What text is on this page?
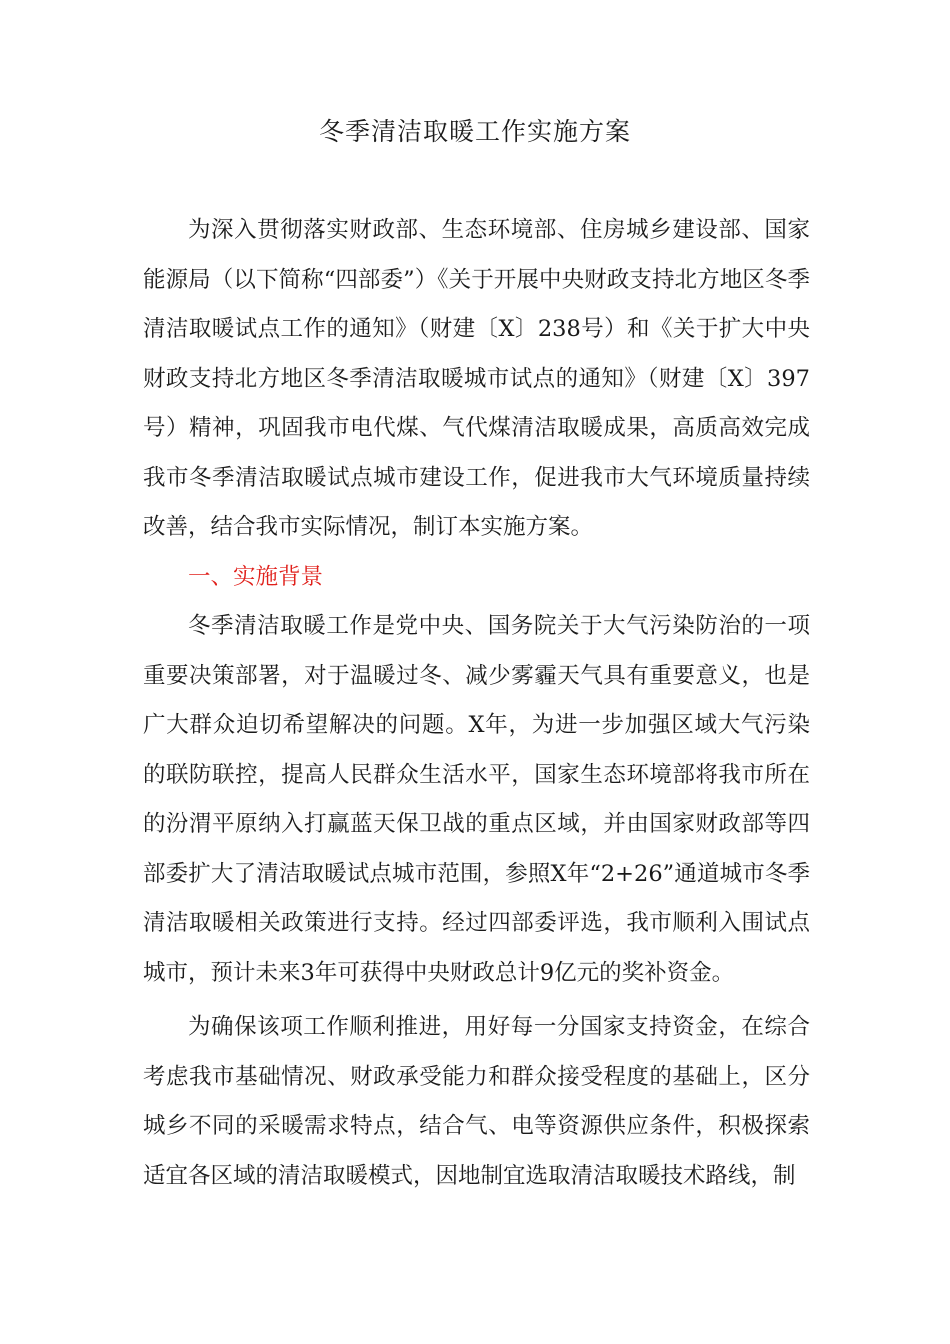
冬季清洁取暖工作实施方案

为深入贯彻落实财政部、生态环境部、住房城乡建设部、国家能源局（以下简称“四部委”）《关于开展中央财政支持北方地区冬季清洁取暖试点工作的通知》（财建〔X〕238号）和《关于扩大中央财政支持北方地区冬季清洁取暖城市试点的通知》（财建〔X〕397号）精神，巩固我市电代煤、气代煤清洁取暖成果，高质高效完成我市冬季清洁取暖试点城市建设工作，促进我市大气环境质量持续改善，结合我市实际情况，制订本实施方案。

一、实施背景

冬季清洁取暖工作是党中央、国务院关于大气污染防治的一项重要决策部署，对于温暖过冬、减少雾霾天气具有重要意义，也是广大群众迫切希望解决的问题。X年，为进一步加强区域大气污染的联防联控，提高人民群众生活水平，国家生态环境部将我市所在的汾渭平原纳入打赢蓝天保卫战的重点区域，并由国家财政部等四部委扩大了清洁取暖试点城市范围，参照X年“2+26”通道城市冬季清洁取暖相关政策进行支持。经过四部委评选，我市顺利入围试点城市，预计未来3年可获得中央财政总计9亿元的奖补资金。

为确保该项工作顺利推进，用好每一分国家支持资金，在综合考虑我市基础情况、财政承受能力和群众接受程度的基础上，区分城乡不同的采暖需求特点，结合气、电等资源供应条件，积极探索适宜各区域的清洁取暖模式，因地制宜选取清洁取暖技术路线，制
